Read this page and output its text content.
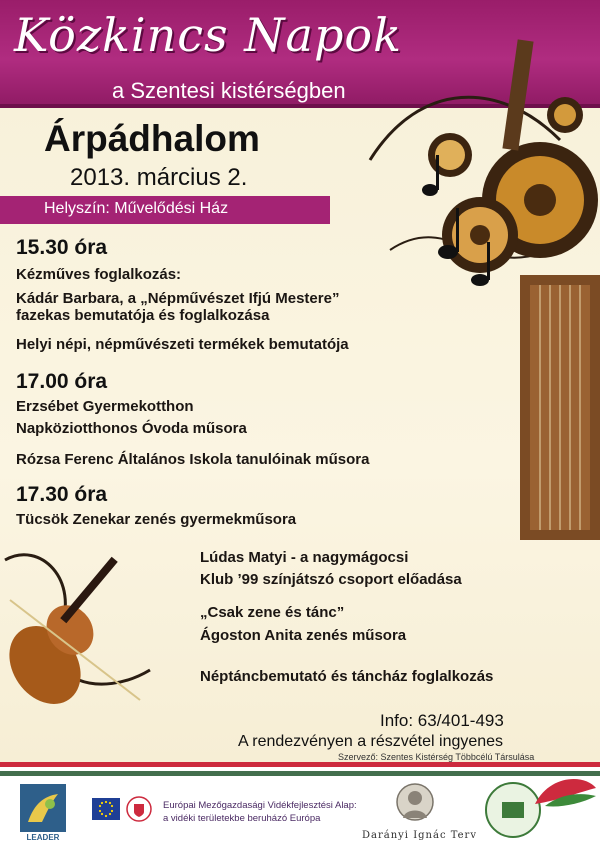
Közkincs Napok
a Szentesi kistérségben
Árpádhalom
2013. március 2.
Helyszín: Művelődési Ház
15.30 óra
Kézműves foglalkozás:
Kádár Barbara, a „Népművészet Ifjú Mestere”
fazekas bemutatója és foglalkozása
Helyi népi, népművészeti termékek bemutatója
17.00 óra
Erzsébet Gyermekotthon
Napköziotthonos Óvoda műsora
Rózsa Ferenc Általános Iskola tanulóinak műsora
17.30 óra
Tücsök Zenekar zenés gyermekműsora
Lúdas Matyi - a nagymágocsi
Klub ’99 színjátszó csoport előadása
„Csak zene és tánc”
Ágoston Anita zenés műsora
Néptáncbemutató és táncház foglalkozás
Info: 63/401-493
A rendezvényen a részvétel ingyenes
Szervező: Szentes Kistérség Többcélú Társulása
LEADER
Európai Mezőgazdasági Vidékfejlesztési Alap:
a vidéki területekbe beruházó Európa
Darányi Ignác Terv
